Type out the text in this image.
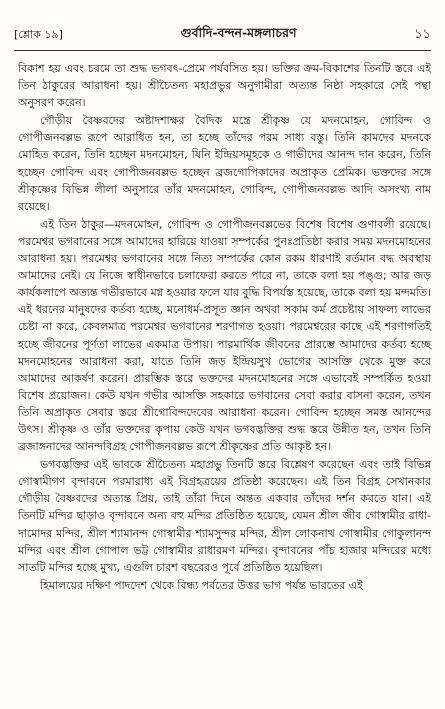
[শ্লোক ১৯]	গুর্বাদি-বন্দন-মঙ্গলাচরণ	১১

বিকাশ হয় এবং চরমে তা শুদ্ধ ভগবৎ-প্রেমে পর্যবসিত হয়। ভক্তির ক্রম-বিকাশের তিনটি স্তরে এই তিন ঠাকুরের আরাধনা হয়। শ্রীচৈতন্য মহাপ্রভুর অনুগামীরা অত্যন্ত নিষ্ঠা সহকারে সেই পন্থা অনুসরণ করেন।

গৌড়ীয় বৈষ্ণবদের অষ্টাদশাক্ষর বৈদিক মন্ত্রে শ্রীকৃষ্ণ যে মদনমোহন, গোবিন্দ ও গোপীজনবল্লভ রূপে আরাধিত হন, তা হচ্ছে তাঁদের পরম সাধ্য বস্তু। তিনি কামদেব মদনকে মোহিত করেন, তিনি হচ্ছেন মদনমোহন, যিনি ইন্দ্রিয়সমূহকে ও গাভীদের আনন্দ দান করেন, তিনি হচ্ছেন গোবিন্দ এবং গোপীজনবল্লভ হচ্ছেন ব্রজগোপিকাদের অপ্রাকৃত প্রেমিক। ভক্তদের সঙ্গে শ্রীকৃষ্ণের বিভিন্ন লীলা অনুসারে তাঁর মদনমোহন, গোবিন্দ, গোপীজনবল্লভ আদি অসংখ্য নাম রয়েছে।

এই তিন ঠাকুর—মদনমোহন, গোবিন্দ ও গোপীজনবল্লভের বিশেষ বিশেষ গুণাবলী রয়েছে। পরমেশ্বর ভগবানের সঙ্গে আমাদের হারিয়ে যাওয়া সম্পর্কের পুনঃপ্রতিষ্ঠা করার সময় মদনমোহনের আরাধনা হয়। পরমেশ্বর ভগবানের সঙ্গে নিত্য সম্পর্কের কোন রকম ধারণাই বর্তমান বদ্ধ অবস্থায় আমাদের নেই। যে নিজে স্বাধীনভাবে চলাফেরা করতে পারে না, তাকে বলা হয় পঙ্গু; আর জড় কার্যকলাপে অত্যন্ত গভীরভাবে মগ্ন হওয়ার ফলে যার বুদ্ধি বিপর্যস্ত হয়েছে, তাকে বলা হয় মন্দমতি। এই ধরনের মানুষদের কর্তব্য হচ্ছে, মনোধর্ম-প্রসূত জ্ঞান অথবা সকাম কর্ম প্রচেষ্টায় সাফল্য লাভের চেষ্টা না করে, কেবলমাত্র পরমেশ্বর ভগবানের শরণাগত হওয়া। পরমেশ্বরের কাছে এই শরণাগতিই হচ্ছে জীবনের পূর্ণতা লাভের একমাত্র উপায়। পারমার্থিক জীবনের প্রারম্ভে আমাদের কর্তব্য হচ্ছে মদনমোহনের আরাধনা করা, যাতে তিনি জড় ইন্দ্রিয়সুখ ভোগের আসক্তি থেকে মুক্ত করে আমাদের আকর্ষণ করেন। প্রারম্ভিক স্তরে ভক্তদের মদনমোহনের সঙ্গে এভাবেই সম্পর্কিত হওয়া বিশেষ প্রয়োজন। কেউ যখন গভীর আসক্তি সহকারে ভগবানের সেবা করার বাসনা করেন, তখন তিনি অপ্রাকৃত সেবার স্তরে শ্রীগোবিন্দদেবের আরাধনা করেন। গোবিন্দ হচ্ছেন সমস্ত আনন্দের উৎস। শ্রীকৃষ্ণ ও তাঁর ভক্তদের কৃপায় কেউ যখন ভগবদ্ভক্তির শুদ্ধ স্তরে উন্নীত হন, তখন তিনি ব্রজাঙ্গনাদের আনন্দবিগ্রহ গোপীজনবল্লভ রূপে শ্রীকৃষ্ণের প্রতি আকৃষ্ট হন।

ভগবদ্ভক্তির এই ভাবকে শ্রীচৈতন্য মহাপ্রভু তিনটি স্তরে বিশ্লেষণ করেছেন এবং তাই বিভিন্ন গোস্বামীগণ বৃন্দাবনে পরমারাধ্য এই বিগ্রহত্রয়ের প্রতিষ্ঠা করেছেন। এই তিন বিগ্রহ সেখানকার গৌড়ীয় বৈষ্ণবদের অত্যন্ত প্রিয়, তাই তাঁরা দিনে অন্তত একবার তাঁদের দর্শন করতে যান। এই তিনটি মন্দির ছাড়াও বৃন্দাবনে অন্য বহু মন্দির প্রতিষ্ঠিত হয়েছে, যেমন শ্রীল জীব গোস্বামীর রাধা-দামোদর মন্দির, শ্রীল শ্যামানন্দ গোস্বামীর শ্যামসুন্দর মন্দির, শ্রীল লোকনাথ গোস্বামীর গোকুলানন্দ মন্দির এবং শ্রীল গোপাল ভট্ট গোস্বামীর রাধারমণ মন্দির। বৃন্দাবনের পাঁচ হাজার মন্দিরের মধ্যে সাতটি মন্দির হচ্ছে মুখ্য, এগুলি চারশ বছরেরও পূর্বে প্রতিষ্ঠিত হয়েছিল।

হিমালয়ের দক্ষিণ পাদদেশ থেকে বিন্ধ্য পর্বতের উত্তর ভাগ পর্যন্ত ভারতের এই
